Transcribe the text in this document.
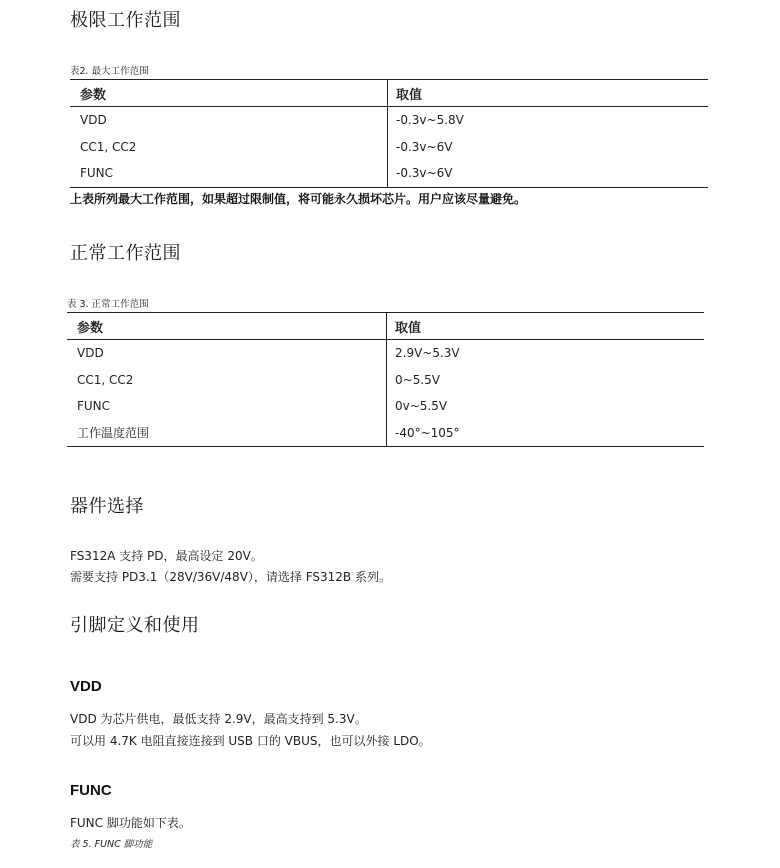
极限工作范围
表2. 最大工作范围
参数	取值
VDD	-0.3v~5.8V
CC1, CC2	-0.3v~6V
FUNC	-0.3v~6V
上表所列最大工作范围，如果超过限制值，将可能永久损坏芯片。用户应该尽量避免。
正常工作范围
表 3. 正常工作范围
参数	取值
VDD	2.9V~5.3V
CC1, CC2	0~5.5V
FUNC	0v~5.5V
工作温度范围	-40°~105°
器件选择
FS312A 支持 PD，最高设定 20V。
需要支持 PD3.1（28V/36V/48V），请选择 FS312B 系列。
引脚定义和使用
VDD
VDD 为芯片供电，最低支持 2.9V，最高支持到 5.3V。
可以用 4.7K 电阻直接连接到 USB 口的 VBUS，也可以外接 LDO。
FUNC
FUNC 脚功能如下表。
表 5. FUNC 脚功能
